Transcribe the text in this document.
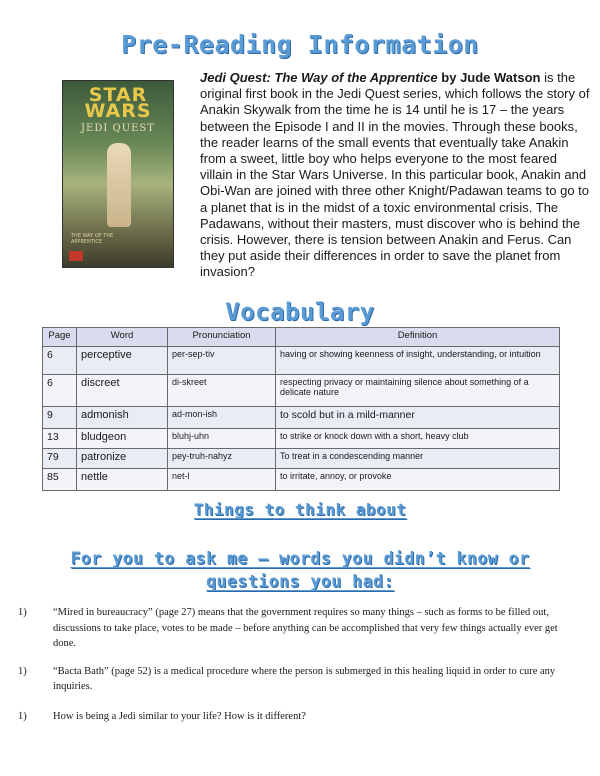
Pre-Reading Information
STAR
WARS
JEDI QUEST
THE WAY OF THE APPRENTICE

Jedi Quest: The Way of the Apprentice by Jude Watson is the original first book in the Jedi Quest series, which follows the story of Anakin Skywalk from the time he is 14 until he is 17 – the years between the Episode I and II in the movies. Through these books, the reader learns of the small events that eventually take Anakin from a sweet, little boy who helps everyone to the most feared villain in the Star Wars Universe. In this particular book, Anakin and Obi-Wan are joined with three other Knight/Padawan teams to go to a planet that is in the midst of a toxic environmental crisis. The Padawans, without their masters, must discover who is behind the crisis. However, there is tension between Anakin and Ferus. Can they put aside their differences in order to save the planet from invasion?

Vocabulary
Page	Word	Pronunciation	Definition
6	perceptive	per-sep-tiv	having or showing keenness of insight, understanding, or intuition
6	discreet	di-skreet	respecting privacy or maintaining silence about something of a delicate nature
9	admonish	ad-mon-ish	to scold but in a mild-manner
13	bludgeon	bluhj-uhn	to strike or knock down with a short, heavy club
79	patronize	pey-truh-nahyz	To treat in a condescending manner
85	nettle	net-l	to irritate, annoy, or provoke
Things to think about
For you to ask me – words you didn’t know or questions you had:
1)	“Mired in bureaucracy” (page 27) means that the government requires so many things – such as forms to be filled out, discussions to take place, votes to be made – before anything can be accomplished that very few things actually ever get done.
1)	“Bacta Bath” (page 52) is a medical procedure where the person is submerged in this healing liquid in order to cure any inquiries.
1)	How is being a Jedi similar to your life? How is it different?
